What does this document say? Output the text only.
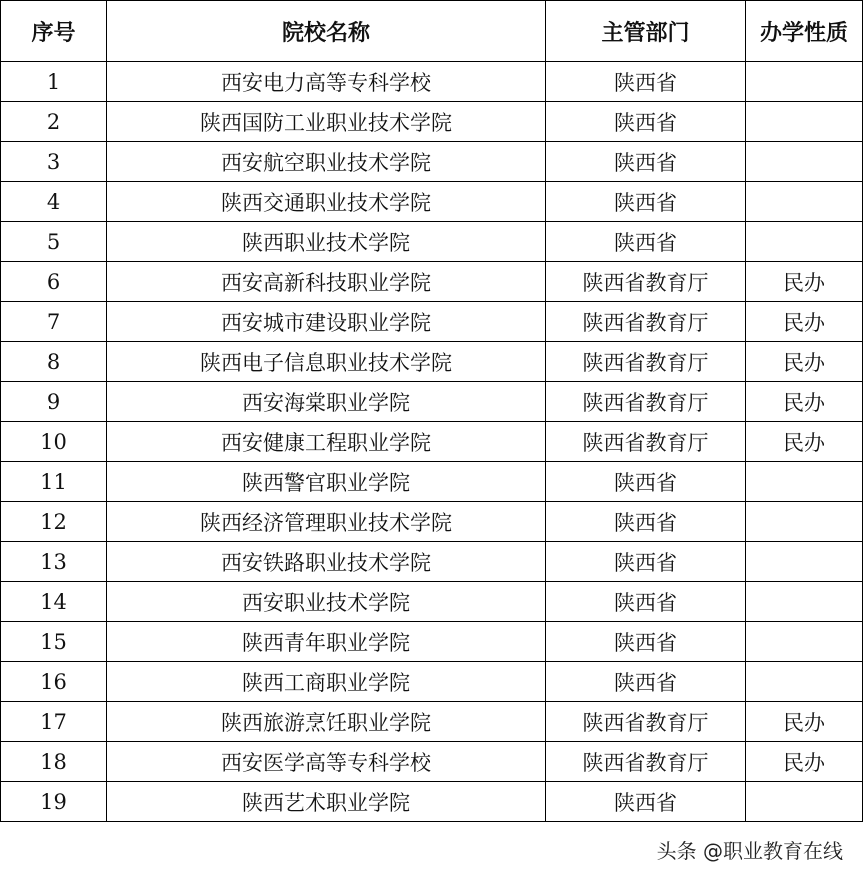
序号	院校名称	主管部门	办学性质
1	西安电力高等专科学校	陕西省	
2	陕西国防工业职业技术学院	陕西省	
3	西安航空职业技术学院	陕西省	
4	陕西交通职业技术学院	陕西省	
5	陕西职业技术学院	陕西省	
6	西安高新科技职业学院	陕西省教育厅	民办
7	西安城市建设职业学院	陕西省教育厅	民办
8	陕西电子信息职业技术学院	陕西省教育厅	民办
9	西安海棠职业学院	陕西省教育厅	民办
10	西安健康工程职业学院	陕西省教育厅	民办
11	陕西警官职业学院	陕西省	
12	陕西经济管理职业技术学院	陕西省	
13	西安铁路职业技术学院	陕西省	
14	西安职业技术学院	陕西省	
15	陕西青年职业学院	陕西省	
16	陕西工商职业学院	陕西省	
17	陕西旅游烹饪职业学院	陕西省教育厅	民办
18	西安医学高等专科学校	陕西省教育厅	民办
19	陕西艺术职业学院	陕西省	
头条 @职业教育在线
